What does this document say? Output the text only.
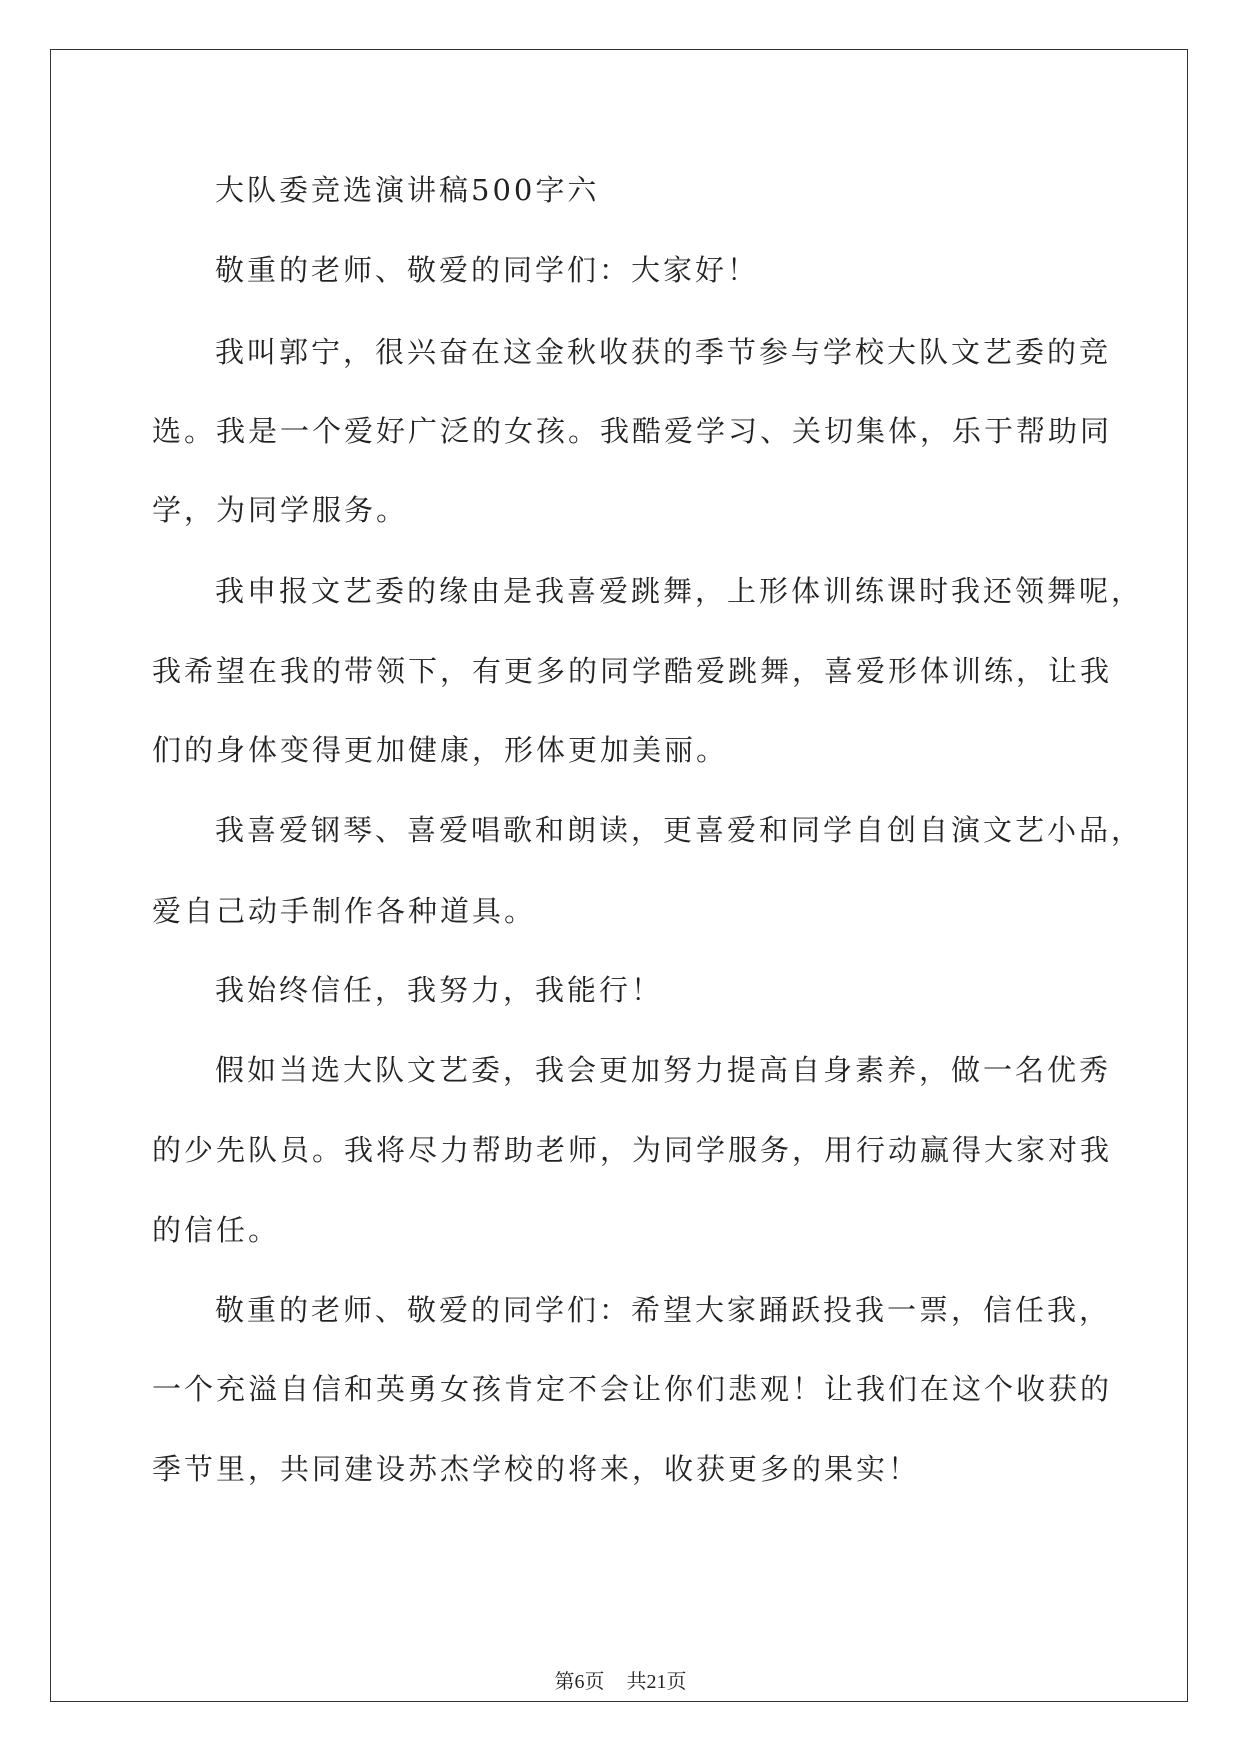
大队委竞选演讲稿500字六
敬重的老师、敬爱的同学们：大家好！
我叫郭宁，很兴奋在这金秋收获的季节参与学校大队文艺委的竞
选。我是一个爱好广泛的女孩。我酷爱学习、关切集体，乐于帮助同
学，为同学服务。
我申报文艺委的缘由是我喜爱跳舞，上形体训练课时我还领舞呢，
我希望在我的带领下，有更多的同学酷爱跳舞，喜爱形体训练，让我
们的身体变得更加健康，形体更加美丽。
我喜爱钢琴、喜爱唱歌和朗读，更喜爱和同学自创自演文艺小品，
爱自己动手制作各种道具。
我始终信任，我努力，我能行！
假如当选大队文艺委，我会更加努力提高自身素养，做一名优秀
的少先队员。我将尽力帮助老师，为同学服务，用行动赢得大家对我
的信任。
敬重的老师、敬爱的同学们：希望大家踊跃投我一票，信任我，
一个充溢自信和英勇女孩肯定不会让你们悲观！让我们在这个收获的
季节里，共同建设苏杰学校的将来，收获更多的果实！
第6页 共21页
